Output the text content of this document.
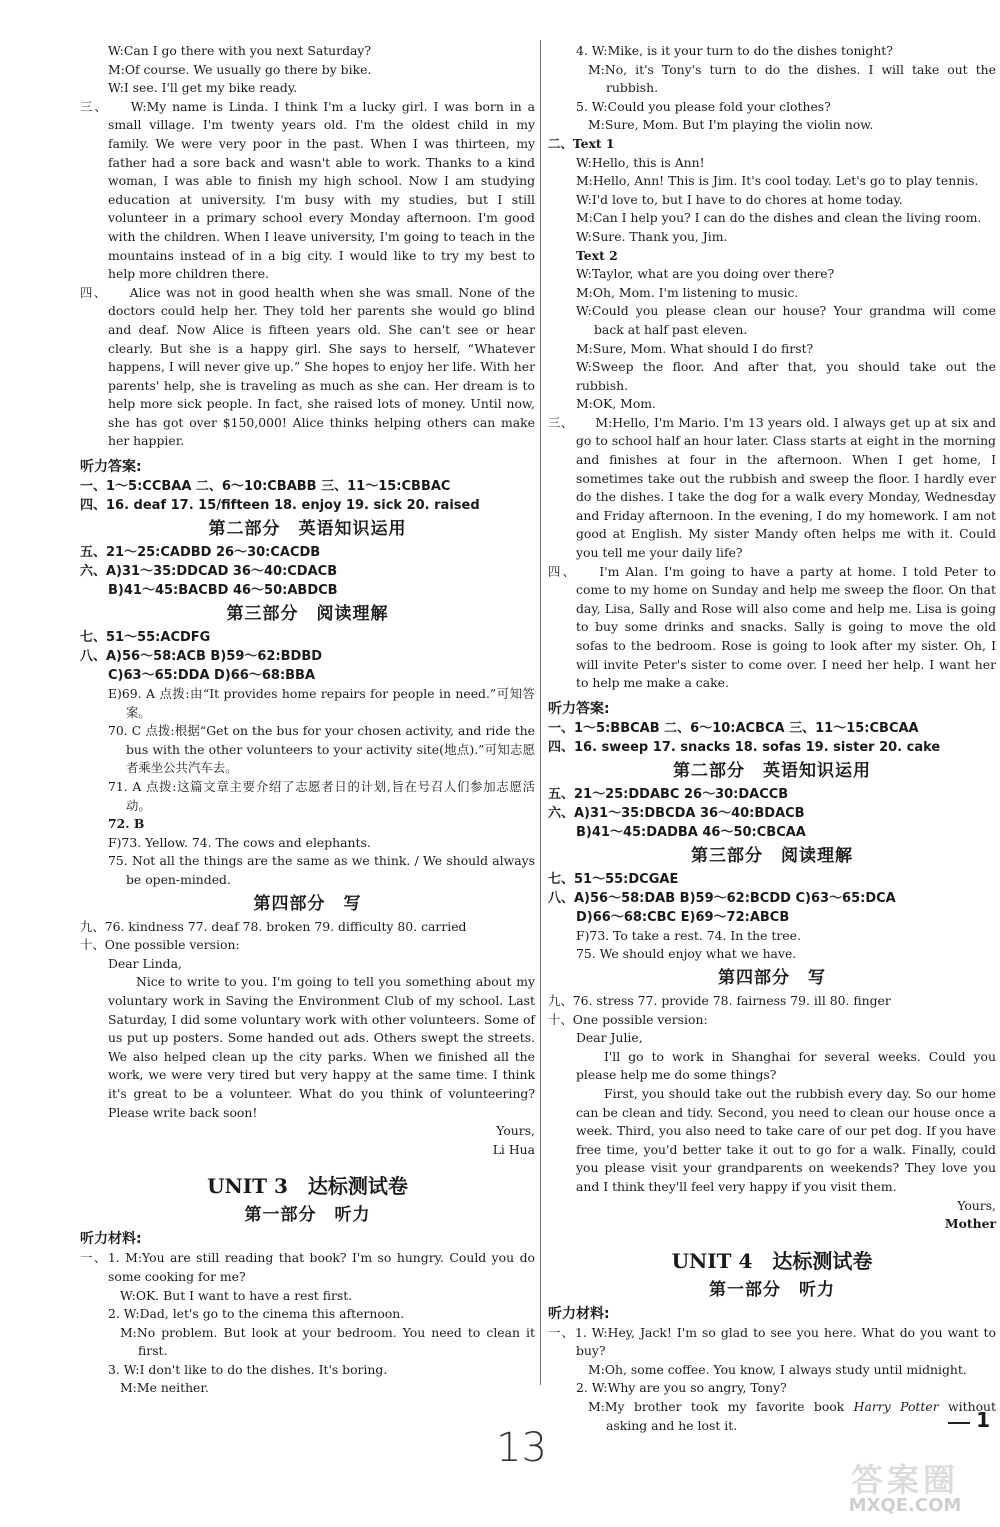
W:Can I go there with you next Saturday?
M:Of course. We usually go there by bike.
W:I see. I'll get my bike ready.
三、 W:My name is Linda. I think I'm a lucky girl. I was born in a small village. I'm twenty years old. I'm the oldest child in my family. We were very poor in the past. When I was thirteen, my father had a sore back and wasn't able to work. Thanks to a kind woman, I was able to finish my high school. Now I am studying education at university. I'm busy with my studies, but I still volunteer in a primary school every Monday afternoon. I'm good with the children. When I leave university, I'm going to teach in the mountains instead of in a big city. I would like to try my best to help more children there.
四、 Alice was not in good health when she was small. None of the doctors could help her. They told her parents she would go blind and deaf. Now Alice is fifteen years old. She can't see or hear clearly. But she is a happy girl. She says to herself, “Whatever happens, I will never give up.” She hopes to enjoy her life. With her parents' help, she is traveling as much as she can. Her dream is to help more sick people. In fact, she raised lots of money. Until now, she has got over $150,000! Alice thinks helping others can make her happier.
听力答案:
一、1～5:CCBAA 二、6～10:CBABB 三、11～15:CBBAC
四、16. deaf 17. 15/fifteen 18. enjoy 19. sick 20. raised
第二部分　英语知识运用
五、21～25:CADBD 26～30:CACDB
六、A)31～35:DDCAD 36～40:CDACB
B)41～45:BACBD 46～50:ABDCB
第三部分　阅读理解
七、51～55:ACDFG
八、A)56～58:ACB B)59～62:BDBD
C)63～65:DDA D)66～68:BBA
E)69. A 点拨:由“It provides home repairs for people in need.”可知答案。
70. C 点拨:根据“Get on the bus for your chosen activity, and ride the bus with the other volunteers to your activity site(地点).”可知志愿者乘坐公共汽车去。
71. A 点拨:这篇文章主要介绍了志愿者日的计划,旨在号召人们参加志愿活动。
72. B
F)73. Yellow. 74. The cows and elephants.
75. Not all the things are the same as we think. / We should always be open-minded.
第四部分　写
九、76. kindness 77. deaf 78. broken 79. difficulty 80. carried
十、One possible version:
Dear Linda,
Nice to write to you. I'm going to tell you something about my voluntary work in Saving the Environment Club of my school. Last Saturday, I did some voluntary work with other volunteers. Some of us put up posters. Some handed out ads. Others swept the streets. We also helped clean up the city parks. When we finished all the work, we were very tired but very happy at the same time. I think it's great to be a volunteer. What do you think of volunteering? Please write back soon!
Yours,
Li Hua
UNIT 3　达标测试卷
第一部分　听力
听力材料:
一、1. M:You are still reading that book? I'm so hungry. Could you do some cooking for me?
W:OK. But I want to have a rest first.
2. W:Dad, let's go to the cinema this afternoon.
M:No problem. But look at your bedroom. You need to clean it first.
3. W:I don't like to do the dishes. It's boring.
M:Me neither.
4. W:Mike, is it your turn to do the dishes tonight?
M:No, it's Tony's turn to do the dishes. I will take out the rubbish.
5. W:Could you please fold your clothes?
M:Sure, Mom. But I'm playing the violin now.
二、Text 1
W:Hello, this is Ann!
M:Hello, Ann! This is Jim. It's cool today. Let's go to play tennis.
W:I'd love to, but I have to do chores at home today.
M:Can I help you? I can do the dishes and clean the living room.
W:Sure. Thank you, Jim.
Text 2
W:Taylor, what are you doing over there?
M:Oh, Mom. I'm listening to music.
W:Could you please clean our house? Your grandma will come back at half past eleven.
M:Sure, Mom. What should I do first?
W:Sweep the floor. And after that, you should take out the rubbish.
M:OK, Mom.
三、 M:Hello, I'm Mario. I'm 13 years old. I always get up at six and go to school half an hour later. Class starts at eight in the morning and finishes at four in the afternoon. When I get home, I sometimes take out the rubbish and sweep the floor. I hardly ever do the dishes. I take the dog for a walk every Monday, Wednesday and Friday afternoon. In the evening, I do my homework. I am not good at English. My sister Mandy often helps me with it. Could you tell me your daily life?
四、 I'm Alan. I'm going to have a party at home. I told Peter to come to my home on Sunday and help me sweep the floor. On that day, Lisa, Sally and Rose will also come and help me. Lisa is going to buy some drinks and snacks. Sally is going to move the old sofas to the bedroom. Rose is going to look after my sister. Oh, I will invite Peter's sister to come over. I need her help. I want her to help me make a cake.
听力答案:
一、1～5:BBCAB 二、6～10:ACBCA 三、11～15:CBCAA
四、16. sweep 17. snacks 18. sofas 19. sister 20. cake
第二部分　英语知识运用
五、21～25:DDABC 26～30:DACCB
六、A)31～35:DBCDA 36～40:BDACB
B)41～45:DADBA 46～50:CBCAA
第三部分　阅读理解
七、51～55:DCGAE
八、A)56～58:DAB B)59～62:BCDD C)63～65:DCA
D)66～68:CBC E)69～72:ABCB
F)73. To take a rest. 74. In the tree.
75. We should enjoy what we have.
第四部分　写
九、76. stress 77. provide 78. fairness 79. ill 80. finger
十、One possible version:
Dear Julie,
I'll go to work in Shanghai for several weeks. Could you please help me do some things?
First, you should take out the rubbish every day. So our home can be clean and tidy. Second, you need to clean our house once a week. Third, you also need to take care of our pet dog. If you have free time, you'd better take it out to go for a walk. Finally, could you please visit your grandparents on weekends? They love you and I think they'll feel very happy if you visit them.
Yours,
Mother
UNIT 4　达标测试卷
第一部分　听力
听力材料:
一、1. W:Hey, Jack! I'm so glad to see you here. What do you want to buy?
M:Oh, some coffee. You know, I always study until midnight.
2. W:Why are you so angry, Tony?
M:My brother took my favorite book Harry Potter without asking and he lost it.	1
13
答案圈
MXQE.COM
